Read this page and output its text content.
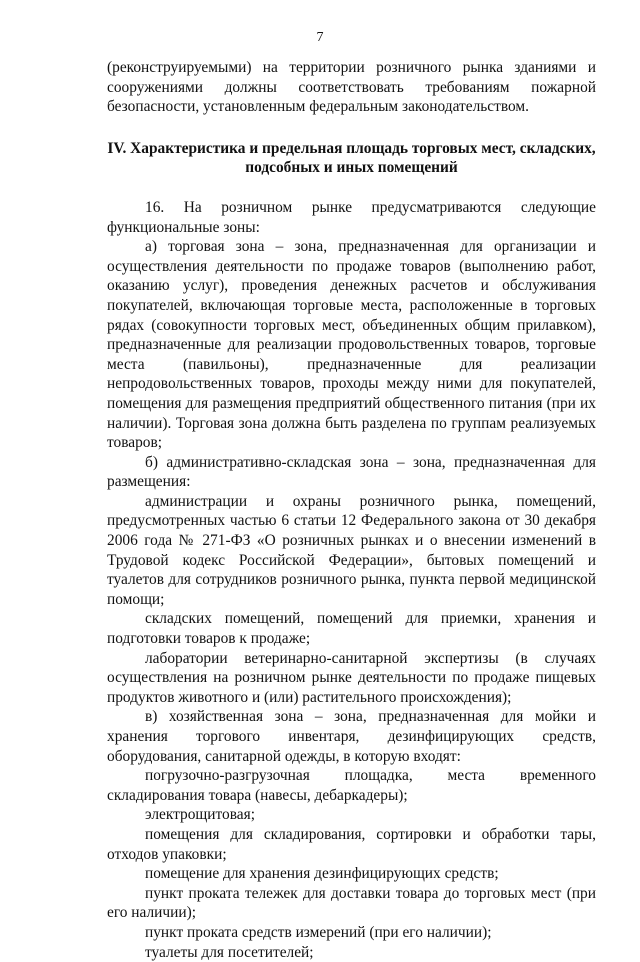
7

(реконструируемыми) на территории розничного рынка зданиями и сооружениями должны соответствовать требованиям пожарной безопасности, установленным федеральным законодательством.

IV. Характеристика и предельная площадь торговых мест, складских, подсобных и иных помещений

16. На розничном рынке предусматриваются следующие функциональные зоны:

а) торговая зона – зона, предназначенная для организации и осуществления деятельности по продаже товаров (выполнению работ, оказанию услуг), проведения денежных расчетов и обслуживания покупателей, включающая торговые места, расположенные в торговых рядах (совокупности торговых мест, объединенных общим прилавком), предназначенные для реализации продовольственных товаров, торговые места (павильоны), предназначенные для реализации непродовольственных товаров, проходы между ними для покупателей, помещения для размещения предприятий общественного питания (при их наличии). Торговая зона должна быть разделена по группам реализуемых товаров;

б) административно-складская зона – зона, предназначенная для размещения:

администрации и охраны розничного рынка, помещений, предусмотренных частью 6 статьи 12 Федерального закона от 30 декабря 2006 года № 271-ФЗ «О розничных рынках и о внесении изменений в Трудовой кодекс Российской Федерации», бытовых помещений и туалетов для сотрудников розничного рынка, пункта первой медицинской помощи;

складских помещений, помещений для приемки, хранения и подготовки товаров к продаже;

лаборатории ветеринарно-санитарной экспертизы (в случаях осуществления на розничном рынке деятельности по продаже пищевых продуктов животного и (или) растительного происхождения);

в) хозяйственная зона – зона, предназначенная для мойки и хранения торгового инвентаря, дезинфицирующих средств, оборудования, санитарной одежды, в которую входят:

погрузочно-разгрузочная площадка, места временного складирования товара (навесы, дебаркадеры);

электрощитовая;

помещения для складирования, сортировки и обработки тары, отходов упаковки;

помещение для хранения дезинфицирующих средств;

пункт проката тележек для доставки товара до торговых мест (при его наличии);

пункт проката средств измерений (при его наличии);

туалеты для посетителей;
